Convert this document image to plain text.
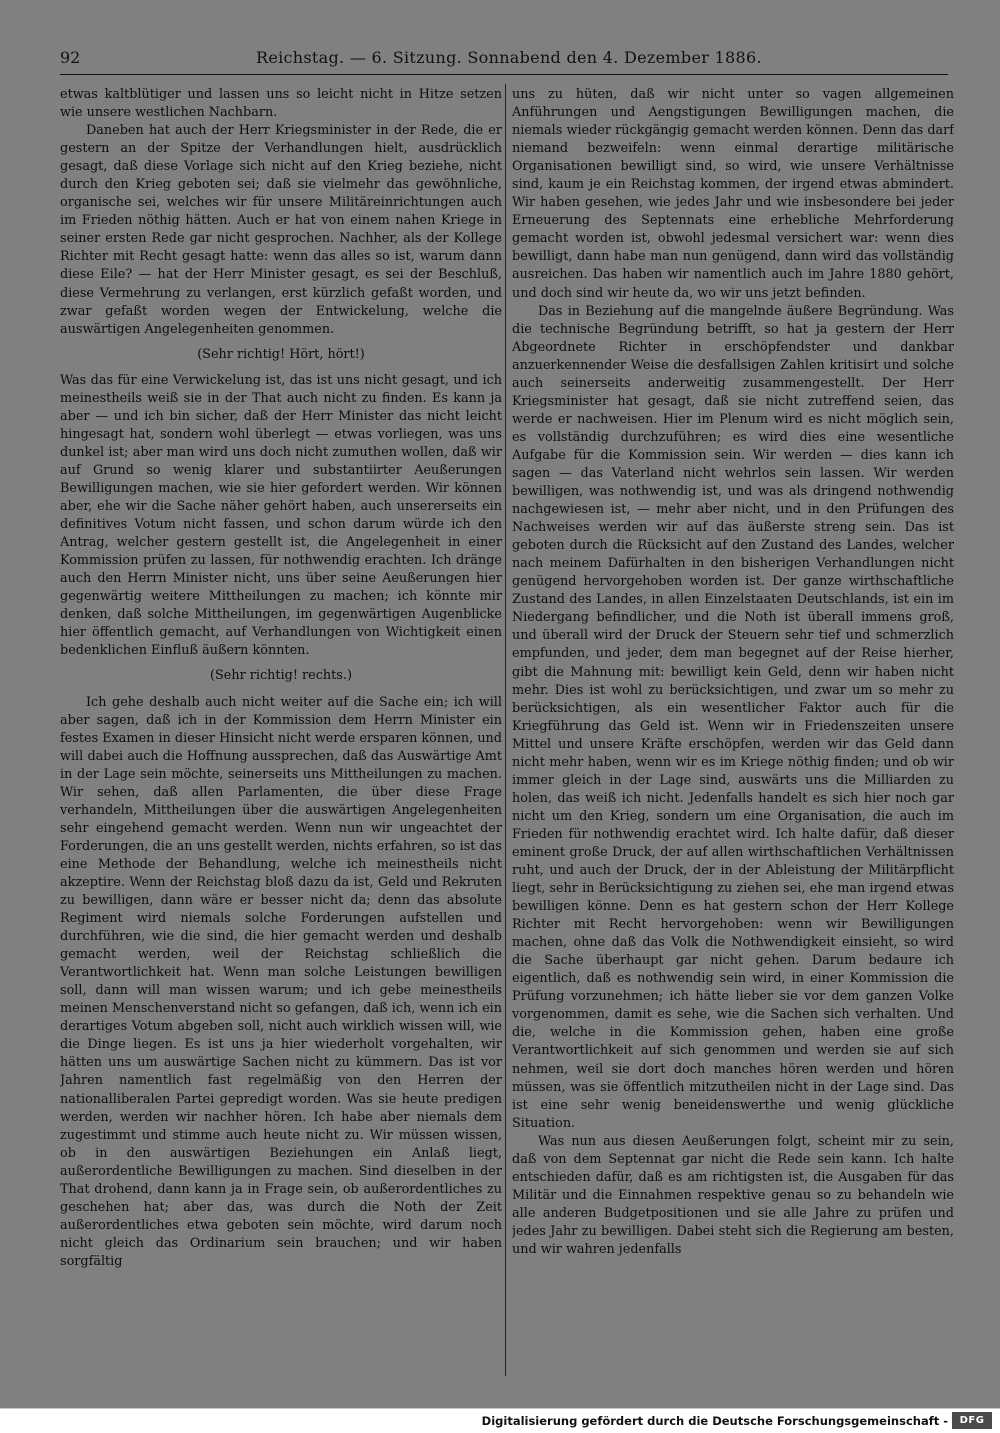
92	Reichstag. — 6. Sitzung. Sonnabend den 4. Dezember 1886.

etwas kaltblütiger und lassen uns so leicht nicht in Hitze setzen wie unsere westlichen Nachbarn.

Daneben hat auch der Herr Kriegsminister in der Rede, die er gestern an der Spitze der Verhandlungen hielt, ausdrücklich gesagt, daß diese Vorlage sich nicht auf den Krieg beziehe, nicht durch den Krieg geboten sei; daß sie vielmehr das gewöhnliche, organische sei, welches wir für unsere Militäreinrichtungen auch im Frieden nöthig hätten. Auch er hat von einem nahen Kriege in seiner ersten Rede gar nicht gesprochen. Nachher, als der Kollege Richter mit Recht gesagt hatte: wenn das alles so ist, warum dann diese Eile? — hat der Herr Minister gesagt, es sei der Beschluß, diese Vermehrung zu verlangen, erst kürzlich gefaßt worden, und zwar gefaßt worden wegen der Entwickelung, welche die auswärtigen Angelegenheiten genommen.

(Sehr richtig! Hört, hört!)

Was das für eine Verwickelung ist, das ist uns nicht gesagt, und ich meinestheils weiß sie in der That auch nicht zu finden. Es kann ja aber — und ich bin sicher, daß der Herr Minister das nicht leicht hingesagt hat, sondern wohl überlegt — etwas vorliegen, was uns dunkel ist; aber man wird uns doch nicht zumuthen wollen, daß wir auf Grund so wenig klarer und substantiirter Aeußerungen Bewilligungen machen, wie sie hier gefordert werden. Wir können aber, ehe wir die Sache näher gehört haben, auch unsererseits ein definitives Votum nicht fassen, und schon darum würde ich den Antrag, welcher gestern gestellt ist, die Angelegenheit in einer Kommission prüfen zu lassen, für nothwendig erachten. Ich dränge auch den Herrn Minister nicht, uns über seine Aeußerungen hier gegenwärtig weitere Mittheilungen zu machen; ich könnte mir denken, daß solche Mittheilungen, im gegenwärtigen Augenblicke hier öffentlich gemacht, auf Verhandlungen von Wichtigkeit einen bedenklichen Einfluß äußern könnten.

(Sehr richtig! rechts.)

Ich gehe deshalb auch nicht weiter auf die Sache ein; ich will aber sagen, daß ich in der Kommission dem Herrn Minister ein festes Examen in dieser Hinsicht nicht werde ersparen können, und will dabei auch die Hoffnung aussprechen, daß das Auswärtige Amt in der Lage sein möchte, seinerseits uns Mittheilungen zu machen. Wir sehen, daß allen Parlamenten, die über diese Frage verhandeln, Mittheilungen über die auswärtigen Angelegenheiten sehr eingehend gemacht werden. Wenn nun wir ungeachtet der Forderungen, die an uns gestellt werden, nichts erfahren, so ist das eine Methode der Behandlung, welche ich meinestheils nicht akzeptire. Wenn der Reichstag bloß dazu da ist, Geld und Rekruten zu bewilligen, dann wäre er besser nicht da; denn das absolute Regiment wird niemals solche Forderungen aufstellen und durchführen, wie die sind, die hier gemacht werden und deshalb gemacht werden, weil der Reichstag schließlich die Verantwortlichkeit hat. Wenn man solche Leistungen bewilligen soll, dann will man wissen warum; und ich gebe meinestheils meinen Menschenverstand nicht so gefangen, daß ich, wenn ich ein derartiges Votum abgeben soll, nicht auch wirklich wissen will, wie die Dinge liegen. Es ist uns ja hier wiederholt vorgehalten, wir hätten uns um auswärtige Sachen nicht zu kümmern. Das ist vor Jahren namentlich fast regelmäßig von den Herren der nationalliberalen Partei gepredigt worden. Was sie heute predigen werden, werden wir nachher hören. Ich habe aber niemals dem zugestimmt und stimme auch heute nicht zu. Wir müssen wissen, ob in den auswärtigen Beziehungen ein Anlaß liegt, außerordentliche Bewilligungen zu machen. Sind dieselben in der That drohend, dann kann ja in Frage sein, ob außerordentliches zu geschehen hat; aber das, was durch die Noth der Zeit außerordentliches etwa geboten sein möchte, wird darum noch nicht gleich das Ordinarium sein brauchen; und wir haben sorgfältig

uns zu hüten, daß wir nicht unter so vagen allgemeinen Anführungen und Aengstigungen Bewilligungen machen, die niemals wieder rückgängig gemacht werden können. Denn das darf niemand bezweifeln: wenn einmal derartige militärische Organisationen bewilligt sind, so wird, wie unsere Verhältnisse sind, kaum je ein Reichstag kommen, der irgend etwas abmindert. Wir haben gesehen, wie jedes Jahr und wie insbesondere bei jeder Erneuerung des Septennats eine erhebliche Mehrforderung gemacht worden ist, obwohl jedesmal versichert war: wenn dies bewilligt, dann habe man nun genügend, dann wird das vollständig ausreichen. Das haben wir namentlich auch im Jahre 1880 gehört, und doch sind wir heute da, wo wir uns jetzt befinden.

Das in Beziehung auf die mangelnde äußere Begründung. Was die technische Begründung betrifft, so hat ja gestern der Herr Abgeordnete Richter in erschöpfendster und dankbar anzuerkennender Weise die desfallsigen Zahlen kritisirt und solche auch seinerseits anderweitig zusammengestellt. Der Herr Kriegsminister hat gesagt, daß sie nicht zutreffend seien, das werde er nachweisen. Hier im Plenum wird es nicht möglich sein, es vollständig durchzuführen; es wird dies eine wesentliche Aufgabe für die Kommission sein. Wir werden — dies kann ich sagen — das Vaterland nicht wehrlos sein lassen. Wir werden bewilligen, was nothwendig ist, und was als dringend nothwendig nachgewiesen ist, — mehr aber nicht, und in den Prüfungen des Nachweises werden wir auf das äußerste streng sein. Das ist geboten durch die Rücksicht auf den Zustand des Landes, welcher nach meinem Dafürhalten in den bisherigen Verhandlungen nicht genügend hervorgehoben worden ist. Der ganze wirthschaftliche Zustand des Landes, in allen Einzelstaaten Deutschlands, ist ein im Niedergang befindlicher, und die Noth ist überall immens groß, und überall wird der Druck der Steuern sehr tief und schmerzlich empfunden, und jeder, dem man begegnet auf der Reise hierher, gibt die Mahnung mit: bewilligt kein Geld, denn wir haben nicht mehr. Dies ist wohl zu berücksichtigen, und zwar um so mehr zu berücksichtigen, als ein wesentlicher Faktor auch für die Kriegführung das Geld ist. Wenn wir in Friedenszeiten unsere Mittel und unsere Kräfte erschöpfen, werden wir das Geld dann nicht mehr haben, wenn wir es im Kriege nöthig finden; und ob wir immer gleich in der Lage sind, auswärts uns die Milliarden zu holen, das weiß ich nicht. Jedenfalls handelt es sich hier noch gar nicht um den Krieg, sondern um eine Organisation, die auch im Frieden für nothwendig erachtet wird. Ich halte dafür, daß dieser eminent große Druck, der auf allen wirthschaftlichen Verhältnissen ruht, und auch der Druck, der in der Ableistung der Militärpflicht liegt, sehr in Berücksichtigung zu ziehen sei, ehe man irgend etwas bewilligen könne. Denn es hat gestern schon der Herr Kollege Richter mit Recht hervorgehoben: wenn wir Bewilligungen machen, ohne daß das Volk die Nothwendigkeit einsieht, so wird die Sache überhaupt gar nicht gehen. Darum bedaure ich eigentlich, daß es nothwendig sein wird, in einer Kommission die Prüfung vorzunehmen; ich hätte lieber sie vor dem ganzen Volke vorgenommen, damit es sehe, wie die Sachen sich verhalten. Und die, welche in die Kommission gehen, haben eine große Verantwortlichkeit auf sich genommen und werden sie auf sich nehmen, weil sie dort doch manches hören werden und hören müssen, was sie öffentlich mitzutheilen nicht in der Lage sind. Das ist eine sehr wenig beneidenswerthe und wenig glückliche Situation.

Was nun aus diesen Aeußerungen folgt, scheint mir zu sein, daß von dem Septennat gar nicht die Rede sein kann. Ich halte entschieden dafür, daß es am richtigsten ist, die Ausgaben für das Militär und die Einnahmen respektive genau so zu behandeln wie alle anderen Budgetpositionen und sie alle Jahre zu prüfen und jedes Jahr zu bewilligen. Dabei steht sich die Regierung am besten, und wir wahren jedenfalls

Digitalisierung gefördert durch die Deutsche Forschungsgemeinschaft -	DFG
